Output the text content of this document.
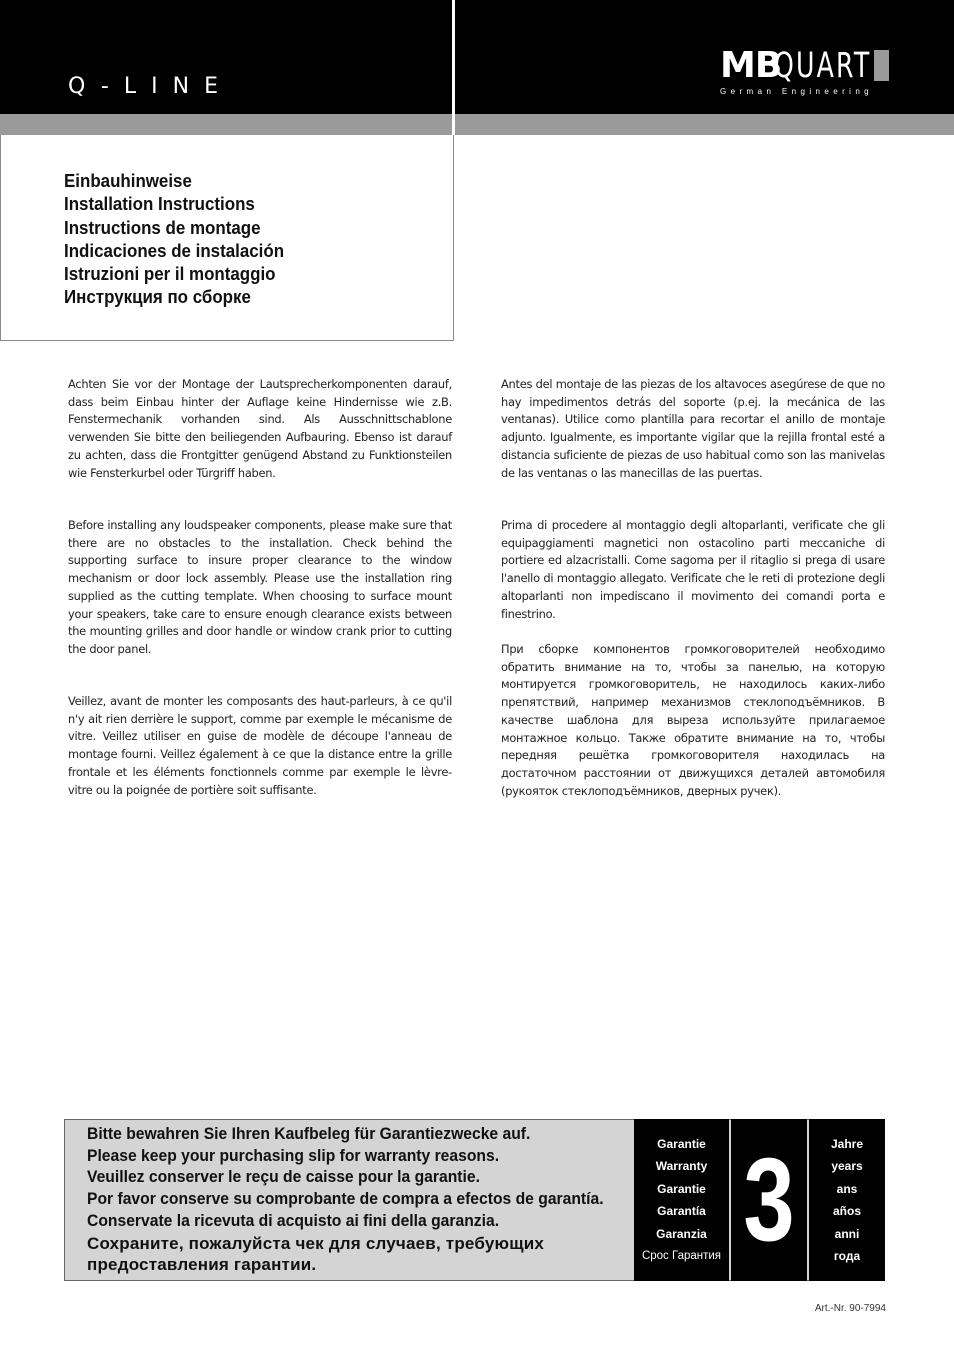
Q-LINE
MB
QUART
German Engineering
Einbauhinweise
Installation Instructions
Instructions de montage
Indicaciones de instalación
Istruzioni per il montaggio
Инструкция по сборке

Achten Sie vor der Montage der Lautsprecherkomponenten darauf, dass beim Einbau hinter der Auflage keine Hindernisse wie z.B. Fenstermechanik vorhanden sind. Als Ausschnittschablone verwenden Sie bitte den beiliegenden Aufbauring. Ebenso ist darauf zu achten, dass die Frontgitter genügend Abstand zu Funktionsteilen wie Fensterkurbel oder Türgriff haben.

Before installing any loudspeaker components, please make sure that there are no obstacles to the installation. Check behind the supporting surface to insure proper clearance to the window mechanism or door lock assembly. Please use the installation ring supplied as the cutting template. When choosing to surface mount your speakers, take care to ensure enough clearance exists between the mounting grilles and door handle or window crank prior to cutting the door panel.

Veillez, avant de monter les composants des haut-parleurs, à ce qu'il n'y ait rien derrière le support, comme par exemple le mécanisme de vitre. Veillez utiliser en guise de modèle de découpe l'anneau de montage fourni. Veillez également à ce que la distance entre la grille frontale et les éléments fonctionnels comme par exemple le lèvre-vitre ou la poignée de portière soit suffisante.

Antes del montaje de las piezas de los altavoces asegúrese de que no hay impedimentos detrás del soporte (p.ej. la mecánica de las ventanas). Utilice como plantilla para recortar el anillo de montaje adjunto. Igualmente, es importante vigilar que la rejilla frontal esté a distancia suficiente de piezas de uso habitual como son las manivelas de las ventanas o las manecillas de las puertas.

Prima di procedere al montaggio degli altoparlanti, verificate che gli equipaggiamenti magnetici non ostacolino parti meccaniche di portiere ed alzacristalli. Come sagoma per il ritaglio si prega di usare l'anello di montaggio allegato. Verificate che le reti di protezione degli altoparlanti non impediscano il movimento dei comandi porta e finestrino.

При сборке компонентов громкоговорителей необходимо обратить внимание на то, чтобы за панелью, на которую монтируется громкоговоритель, не находилось каких-либо препятствий, например механизмов стеклоподъёмников. В качестве шаблона для выреза используйте прилагаемое монтажное кольцо. Также обратите внимание на то, чтобы передняя решётка громкоговорителя находилась на достаточном расстоянии от движущихся деталей автомобиля (рукояток стеклоподъёмников, дверных ручек).

Bitte bewahren Sie Ihren Kaufbeleg für Garantiezwecke auf.
Please keep your purchasing slip for warranty reasons.
Veuillez conserver le reçu de caisse pour la garantie.
Por favor conserve su comprobante de compra a efectos de garantía.
Conservate la ricevuta di acquisto ai fini della garanzia.
Сохраните, пожалуйста чек для случаев, требующих
предоставления гарантии.
Garantie
Warranty
Garantie
Garantía
Garanzia
Срос Гарантия 3	Jahre
years
ans
años
anni
года
Art.-Nr. 90-7994
